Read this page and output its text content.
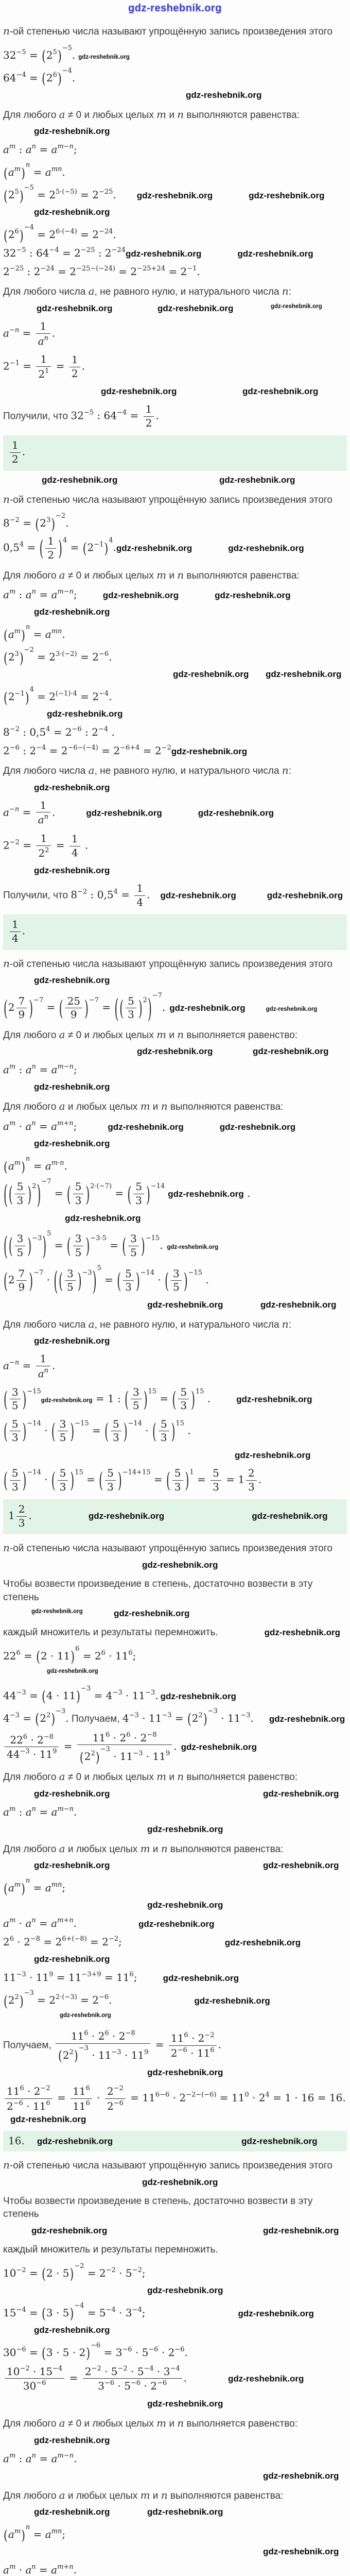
gdz-reshebnik.org
n-ой степенью числа называют упрощённую запись произведения этого
$32^{-5} = (2^5)^{-5}$. gdz-reshebnik.org
$64^{-4} = (2^6)^{-4}$.
gdz-reshebnik.org
Для любого a ≠ 0 и любых целых m и n выполняются равенства:
gdz-reshebnik.org
$a^m$ : $a^n = a^{m-n}$;
$(a^m)^n = a^{mn}$.
$(2^5)^{-5} = 2^{5\cdot(-5)} = 2^{-25}$. gdz-reshebnik.org	gdz-reshebnik.org
gdz-reshebnik.org
$(2^6)^{-4} = 2^{6\cdot(-4)} = 2^{-24}$.
$32^{-5}$ : $64^{-4} = 2^{-25}$ : $2^{-24}gdz-reshebnik.org$	gdz-reshebnik.org
$2^{-25}$ : $2^{-24} = 2^{-25-(-24)} = 2^{-25+24} = 2^{-1}$.
Для любого числа a, не равного нулю, и натурального числа n:
gdz-reshebnik.org	gdz-reshebnik.org	gdz-reshebnik.org
$a^{-n} = \frac{1}{a^n}$ .
$2^{-1} = \frac{1}{2^1} = \frac{1}{2}$ .
gdz-reshebnik.org	gdz-reshebnik.org
Получили, что $32^{-5}$ : $64^{-4} = \frac{1}{2}$ .
$\frac{1}{2}$ .
gdz-reshebnik.org	gdz-reshebnik.org
n-ой степенью числа называют упрощённую запись произведения этого
$8^{-2} = (2^3)^{-2}$.
$0,5^4$ = ( $\frac{1}{2} )^4$ = $(2^{-1})^4.gdz-reshebnik.org$	gdz-reshebnik.org
Для любого a ≠ 0 и любых целых m и n выполняются равенства:
$a^m$ : $a^n = a^{m-n}$;	gdz-reshebnik.org	gdz-reshebnik.org
gdz-reshebnik.org
$(a^m)^n = a^{mn}$.
$(2^3)^{-2} = 2^{3\cdot(-2)} = 2^{-6}$.
gdz-reshebnik.org gdz-reshebnik.org
$(2^{-1})^4 = 2^{(-1)\cdot 4} = 2^{-4}$.
gdz-reshebnik.org
$8^{-2}$ : $0,5^4 = 2^{-6}$ : $2^{-4}$ .
$2^{-6}$ : $2^{-4} = 2^{-6-(-4)} = 2^{-6+4}$ = $2^{-2}gdz-reshebnik.org$
Для любого числа a, не равного нулю, и натурального числа n:
gdz-reshebnik.org
$a^{-n} = \frac{1}{a^n}$ .	gdz-reshebnik.org	gdz-reshebnik.org
$2^{-2} = \frac{1}{2^2} = \frac{1}{4}$ .
gdz-reshebnik.org
Получили, что $8^{-2}$ : $0,5^4 = \frac{1}{4}$ . gdz-reshebnik.org	gdz-reshebnik.org
$\frac{1}{4}$ .
n-ой степенью числа называют упрощённую запись произведения этого
gdz-reshebnik.org
$(2 \frac{7}{9} )^{-7}$ = ( $\frac{25}{9} )^{-7}$ = ( ( $\frac{5}{3} )^2)^{-7}$. gdz-reshebnik.org	gdz-reshebnik.org
Для любого a ≠ 0 и любых целых m и n выполняется равенство:
gdz-reshebnik.org	gdz-reshebnik.org
$a^m$ : $a^n = a^{m-n}$;
gdz-reshebnik.org
Для любого a и любых целых m и n выполняются равенства:
$a^m \cdot a^n = a^{m+n}$;	gdz-reshebnik.org	gdz-reshebnik.org
gdz-reshebnik.org
$(a^m)^n = a^{m\cdot n}$.
( ( $\frac{5}{3} )^2)^{-7}$ = ( $\frac{5}{3} )^{2\cdot(-7)}$ = ( $\frac{5}{3}$ )$^{-14}$gdz-reshebnik.org .
gdz-reshebnik.org
( ( $\frac{3}{5} )^{-3})^5$ = ( $\frac{3}{5} )^{-3\cdot 5}$ = ( $\frac{3}{5} )^{-15}$. gdz-reshebnik.org
$(2 \frac{7}{9} )^{-7}$ · ( ( $\frac{3}{5} )^{-3})^5$ = ( $\frac{5}{3} )^{-14}$ · ( $\frac{3}{5} )^{-15}$ .
gdz-reshebnik.org	gdz-reshebnik.org
Для любого числа a, не равного нулю, и натурального числа n:
gdz-reshebnik.org
$a^{-n} = \frac{1}{a^n}$ .
( $\frac{3}{5}$ )$^{-15}$gdz-reshebnik.org = 1 : ( $\frac{3}{5} )^{15}$ = ( $\frac{5}{3} )^{15}$ .	gdz-reshebnik.org
( $\frac{5}{3} )^{-14}$ · ( $\frac{3}{5} )^{-15}$ = ( $\frac{5}{3} )^{-14}$ · ( $\frac{5}{3} )^{15}$ .
gdz-reshebnik.org
( $\frac{5}{3} )^{-14}$ · ( $\frac{5}{3} )^{15}$ = ( $\frac{5}{3} )^{-14+15}$ = ( $\frac{5}{3} )^1 = \frac{5}{3} = 1 \frac{2}{3}$ .
$1 \frac{2}{3}$ .	gdz-reshebnik.org	gdz-reshebnik.org
n-ой степенью числа называют упрощённую запись произведения этого
gdz-reshebnik.org
Чтобы возвести произведение в степень, достаточно возвести в эту степень
gdz-reshebnik.org	gdz-reshebnik.org
каждый множитель и результаты перемножить.	gdz-reshebnik.org
$22^6 = (2 \cdot 11)^6 = 2^6 \cdot 11^6$;
gdz-reshebnik.org
$44^{-3} = (4 \cdot 11)^{-3} = 4^{-3} \cdot 11^{-3}$. gdz-reshebnik.org
$4^{-3} = (2^2)^{-3}$. Получаем, $4^{-3} \cdot 11^{-3} = (2^2)^{-3} \cdot 11^{-3}$. gdz-reshebnik.org
$\frac{22^6 \cdot 2^{-8}}{44^{-3} \cdot 11^9} = \frac{11^6 \cdot 2^6 \cdot 2^{-8}}{(2^2)^{-3} \cdot 11^{-3} \cdot 11^9}$ . gdz-reshebnik.org
Для любого a ≠ 0 и любых целых m и n выполняется равенство:
gdz-reshebnik.org	gdz-reshebnik.org
$a^m$ : $a^n = a^{m-n}$.
gdz-reshebnik.org
Для любого a и любых целых m и n выполняются равенства:
gdz-reshebnik.org	gdz-reshebnik.org
$(a^m)^n = a^{mn}$;
gdz-reshebnik.org
$a^m \cdot a^n = a^{m+n}$.	gdz-reshebnik.org
$2^6 \cdot 2^{-8} = 2^{6+(-8)} = 2^{-2}$;	gdz-reshebnik.org
gdz-reshebnik.org
$11^{-3} \cdot 11^9 = 11^{-3+9} = 11^6$;	gdz-reshebnik.org
$(2^2)^{-3} = 2^{2\cdot(-3)} = 2^{-6}$.	gdz-reshebnik.org
gdz-reshebnik.org
Получаем, $\frac{11^6 \cdot 2^6 \cdot 2^{-8}}{(2^2)^{-3} \cdot 11^{-3} \cdot 11^9} = \frac{11^6 \cdot 2^{-2}}{2^{-6} \cdot 11^6}$ .
gdz-reshebnik.org
$\frac{11^6 \cdot 2^{-2}}{2^{-6} \cdot 11^6} = \frac{11^6}{11^6} \cdot \frac{2^{-2}}{2^{-6}} = 11^{6-6} \cdot 2^{-2-(-6)} = 11^0 \cdot 2^4 = 1 \cdot 16$ = 16.gdz-reshebnik.org
16. gdz-reshebnik.org	gdz-reshebnik.org
n-ой степенью числа называют упрощённую запись произведения этого
gdz-reshebnik.org
Чтобы возвести произведение в степень, достаточно возвести в эту степень
gdz-reshebnik.org	gdz-reshebnik.org
каждый множитель и результаты перемножить.
$10^{-2} = (2 \cdot 5)^{-2} = 2^{-2} \cdot 5^{-2}$;
gdz-reshebnik.org
$15^{-4} = (3 \cdot 5)^{-4} = 5^{-4} \cdot 3^{-4}$;	gdz-reshebnik.org
gdz-reshebnik.org
$30^{-6} = (3 \cdot 5 \cdot 2)^{-6} = 3^{-6} \cdot 5^{-6} \cdot 2^{-6}$.
$\frac{10^{-2} \cdot 15^{-4}}{30^{-6}} = \frac{2^{-2} \cdot 5^{-2} \cdot 5^{-4} \cdot 3^{-4}}{3^{-6} \cdot 5^{-6} \cdot 2^{-6}}$ .	gdz-reshebnik.org
gdz-reshebnik.org
Для любого a ≠ 0 и любых целых m и n выполняется равенство:
gdz-reshebnik.org
$a^m$ : $a^n = a^{m-n}$.
gdz-reshebnik.org
Для любого a и любых целых m и n выполняются равенства:
gdz-reshebnik.org	gdz-reshebnik.org
$(a^m)^n = a^{mn}$;
gdz-reshebnik.org
$a^m \cdot a^n = a^{m+n}$.
